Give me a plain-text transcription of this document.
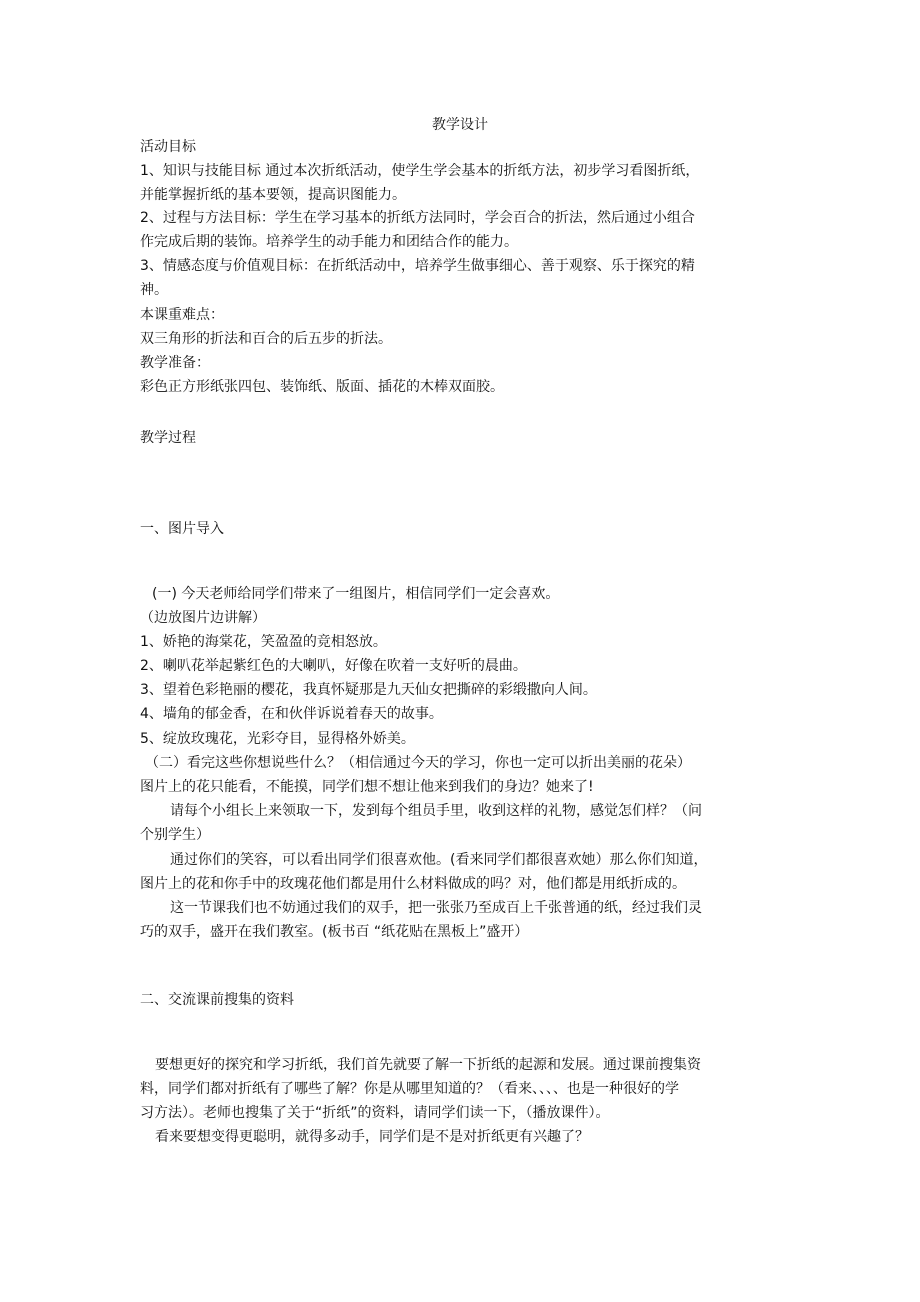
教学设计
活动目标
1、知识与技能目标 通过本次折纸活动，使学生学会基本的折纸方法，初步学习看图折纸，
并能掌握折纸的基本要领，提高识图能力。
2、过程与方法目标：学生在学习基本的折纸方法同时，学会百合的折法，然后通过小组合
作完成后期的装饰。培养学生的动手能力和团结合作的能力。
3、情感态度与价值观目标：在折纸活动中，培养学生做事细心、善于观察、乐于探究的精
神。
本课重难点：
双三角形的折法和百合的后五步的折法。
教学准备：
彩色正方形纸张四包、装饰纸、版面、插花的木棒双面胶。
教学过程
一、图片导入
(一) 今天老师给同学们带来了一组图片，相信同学们一定会喜欢。
（边放图片边讲解）
1、娇艳的海棠花，笑盈盈的竞相怒放。
2、喇叭花举起紫红色的大喇叭，好像在吹着一支好听的晨曲。
3、望着色彩艳丽的樱花，我真怀疑那是九天仙女把撕碎的彩缎撒向人间。
4、墙角的郁金香，在和伙伴诉说着春天的故事。
5、绽放玫瑰花，光彩夺目，显得格外娇美。
（二）看完这些你想说些什么？（相信通过今天的学习，你也一定可以折出美丽的花朵）
图片上的花只能看，不能摸，同学们想不想让他来到我们的身边？她来了!
请每个小组长上来领取一下，发到每个组员手里，收到这样的礼物，感觉怎们样？（问
个别学生）
通过你们的笑容，可以看出同学们很喜欢他。(看来同学们都很喜欢她）那么你们知道，
图片上的花和你手中的玫瑰花他们都是用什么材料做成的吗？对，他们都是用纸折成的。
这一节课我们也不妨通过我们的双手，把一张张乃至成百上千张普通的纸，经过我们灵
巧的双手，盛开在我们教室。(板书百 “纸花贴在黑板上”盛开）
二、交流课前搜集的资料
要想更好的探究和学习折纸，我们首先就要了解一下折纸的起源和发展。通过课前搜集资
料，同学们都对折纸有了哪些了解？你是从哪里知道的？（看来、、、、也是一种很好的学
习方法）。老师也搜集了关于“折纸”的资料，请同学们读一下，（播放课件）。
看来要想变得更聪明，就得多动手，同学们是不是对折纸更有兴趣了？
